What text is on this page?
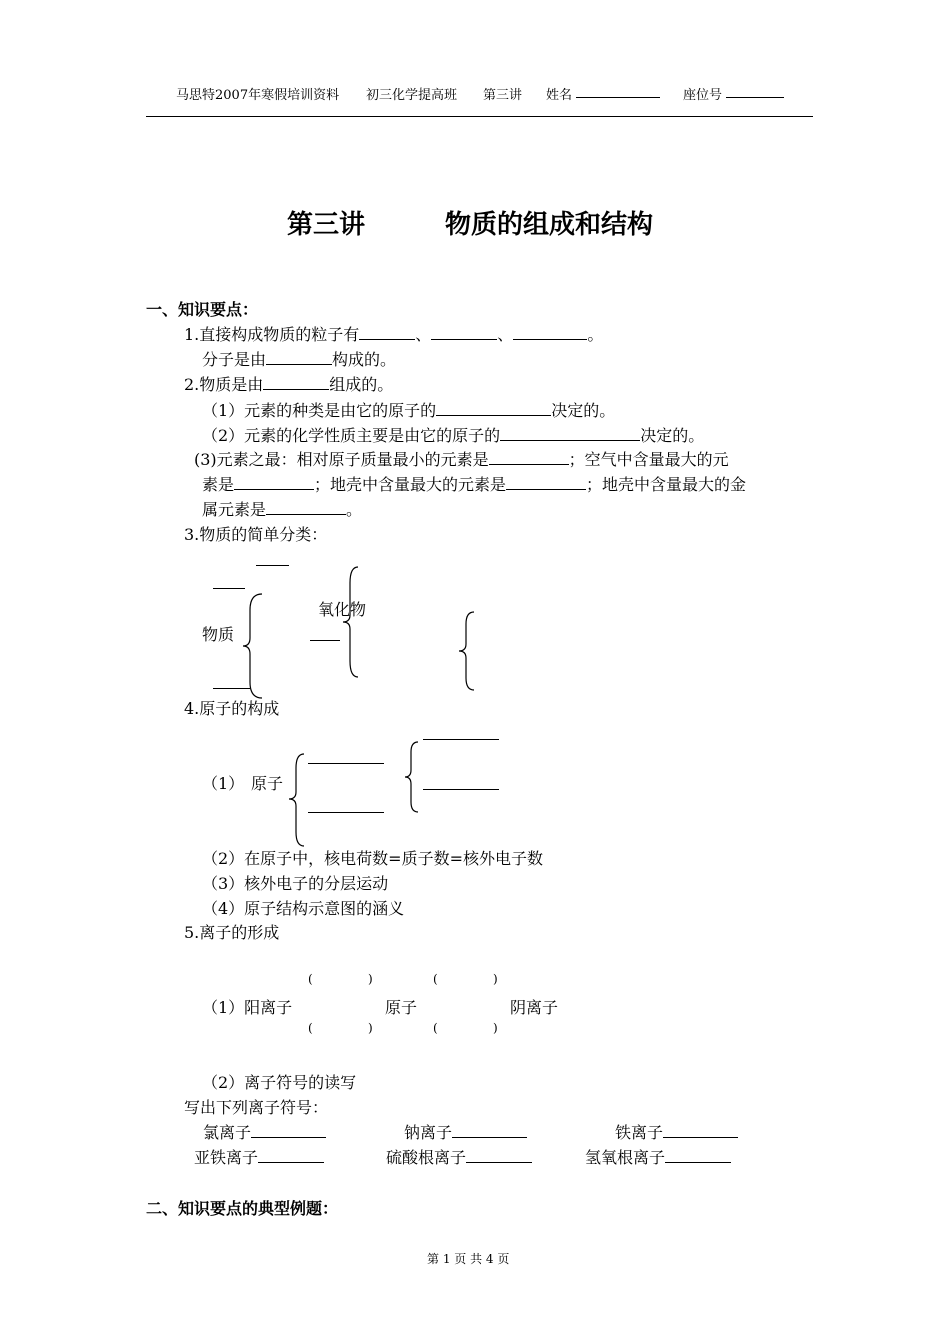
马思特2007年寒假培训资料 初三化学提高班 第三讲 姓名	座位号
第三讲	物质的组成和结构
一、知识要点：
1.直接构成物质的粒子有	、	、	。
分子是由	构成的。
2.物质是由	组成的。
（1）元素的种类是由它的原子的	决定的。
（2）元素的化学性质主要是由它的原子的	决定的。
(3)元素之最：相对原子质量最小的元素是	；空气中含量最大的元
素是	；地壳中含量最大的元素是	；地壳中含量最大的金
属元素是	。
3.物质的简单分类：
物质
氧化物
4.原子的构成
（1） 原子
（2）在原子中，核电荷数=质子数=核外电子数
（3）核外电子的分层运动
（4）原子结构示意图的涵义
5.离子的形成
(	)	(	)
（1）阳离子	原子	阴离子
(	)	(	)
（2）离子符号的读写
写出下列离子符号：
氯离子	钠离子	铁离子
亚铁离子	硫酸根离子	氢氧根离子
二、知识要点的典型例题：
第 1 页 共 4 页
